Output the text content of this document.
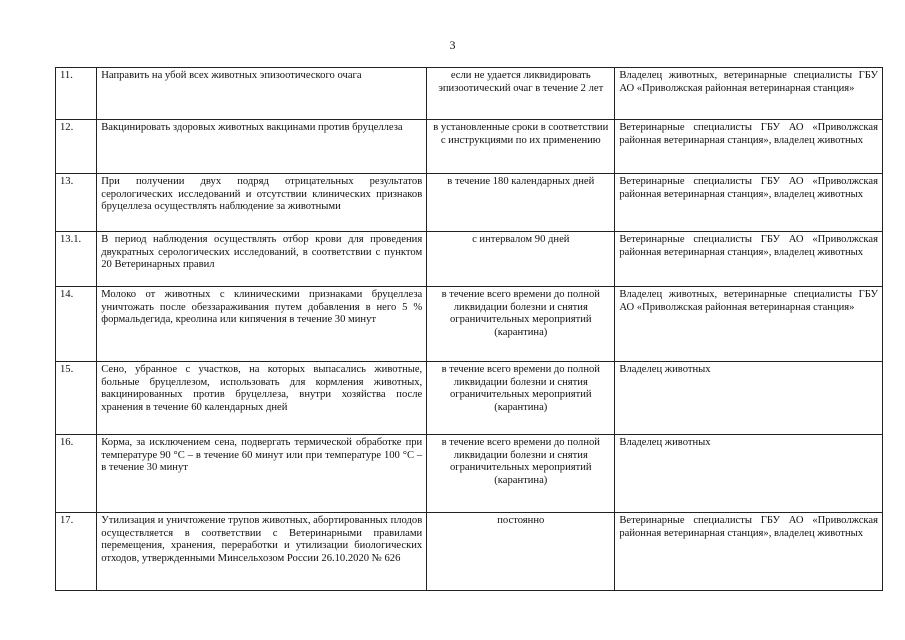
3
11.	Направить на убой всех животных эпизоотического очага	если не удается ликвидировать эпизоотический очаг в течение 2 лет	Владелец животных, ветеринарные специалисты ГБУ АО «Приволжская районная ветеринарная станция»
12.	Вакцинировать здоровых животных вакцинами против бруцеллеза	в установленные сроки в соответствии с инструкциями по их применению	Ветеринарные специалисты ГБУ АО «Приволжская районная ветеринарная станция», владелец животных
13.	При получении двух подряд отрицательных результатов серологических исследований и отсутствии клинических признаков бруцеллеза осуществлять наблюдение за животными	в течение 180 календарных дней	Ветеринарные специалисты ГБУ АО «Приволжская районная ветеринарная станция», владелец животных
13.1.	В период наблюдения осуществлять отбор крови для проведения двукратных серологических исследований, в соответствии с пунктом 20 Ветеринарных правил	с интервалом 90 дней	Ветеринарные специалисты ГБУ АО «Приволжская районная ветеринарная станция», владелец животных
14.	Молоко от животных с клиническими признаками бруцеллеза уничтожать после обеззараживания путем добавления в него 5 % формальдегида, креолина или кипячения в течение 30 минут	в течение всего времени до полной ликвидации болезни и снятия ограничительных мероприятий (карантина)	Владелец животных, ветеринарные специалисты ГБУ АО «Приволжская районная ветеринарная станция»
15.	Сено, убранное с участков, на которых выпасались животные, больные бруцеллезом, использовать для кормления животных, вакцинированных против бруцеллеза, внутри хозяйства после хранения в течение 60 календарных дней	в течение всего времени до полной ликвидации болезни и снятия ограничительных мероприятий (карантина)	Владелец животных
16.	Корма, за исключением сена, подвергать термической обработке при температуре 90 °С – в течение 60 минут или при температуре 100 °С – в течение 30 минут	в течение всего времени до полной ликвидации болезни и снятия ограничительных мероприятий (карантина)	Владелец животных
17.	Утилизация и уничтожение трупов животных, абортированных плодов осуществляется в соответствии с Ветеринарными правилами перемещения, хранения, переработки и утилизации биологических отходов, утвержденными Минсельхозом России 26.10.2020 № 626	постоянно	Ветеринарные специалисты ГБУ АО «Приволжская районная ветеринарная станция», владелец животных
